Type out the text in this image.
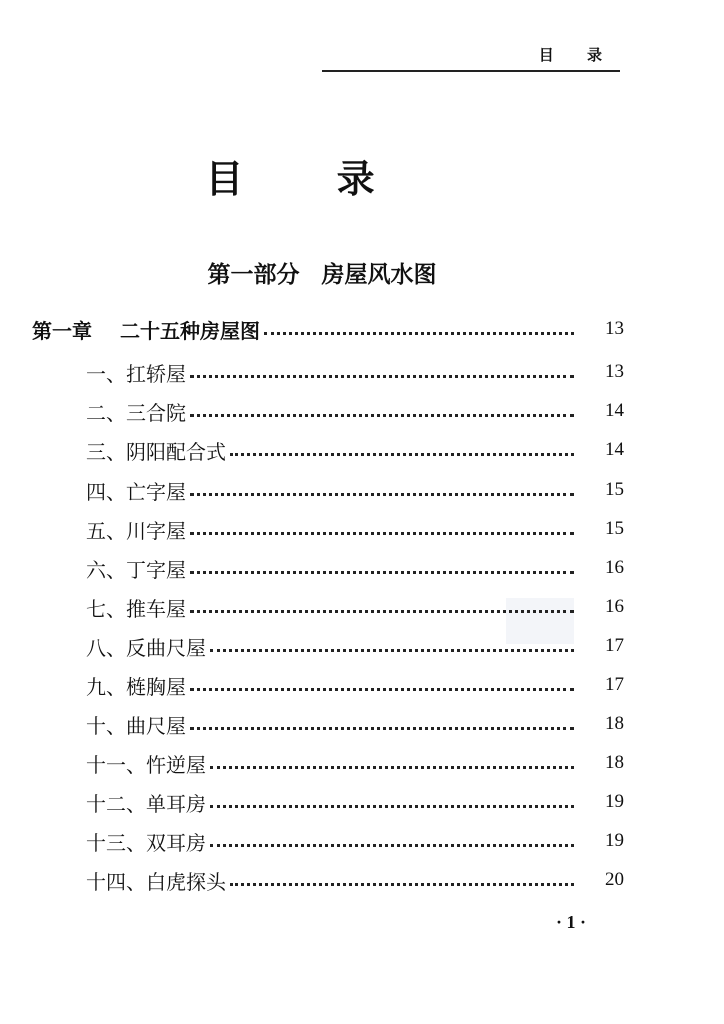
目 录
目 录
第一部分 房屋风水图
第一章 二十五种房屋图	13
一、扛轿屋	13
二、三合院	14
三、阴阳配合式	14
四、亡字屋	15
五、川字屋	15
六、丁字屋	16
七、推车屋	16
八、反曲尺屋	17
九、梿胸屋	17
十、曲尺屋	18
十一、忤逆屋	18
十二、单耳房	19
十三、双耳房	19
十四、白虎探头	20
· 1 ·
